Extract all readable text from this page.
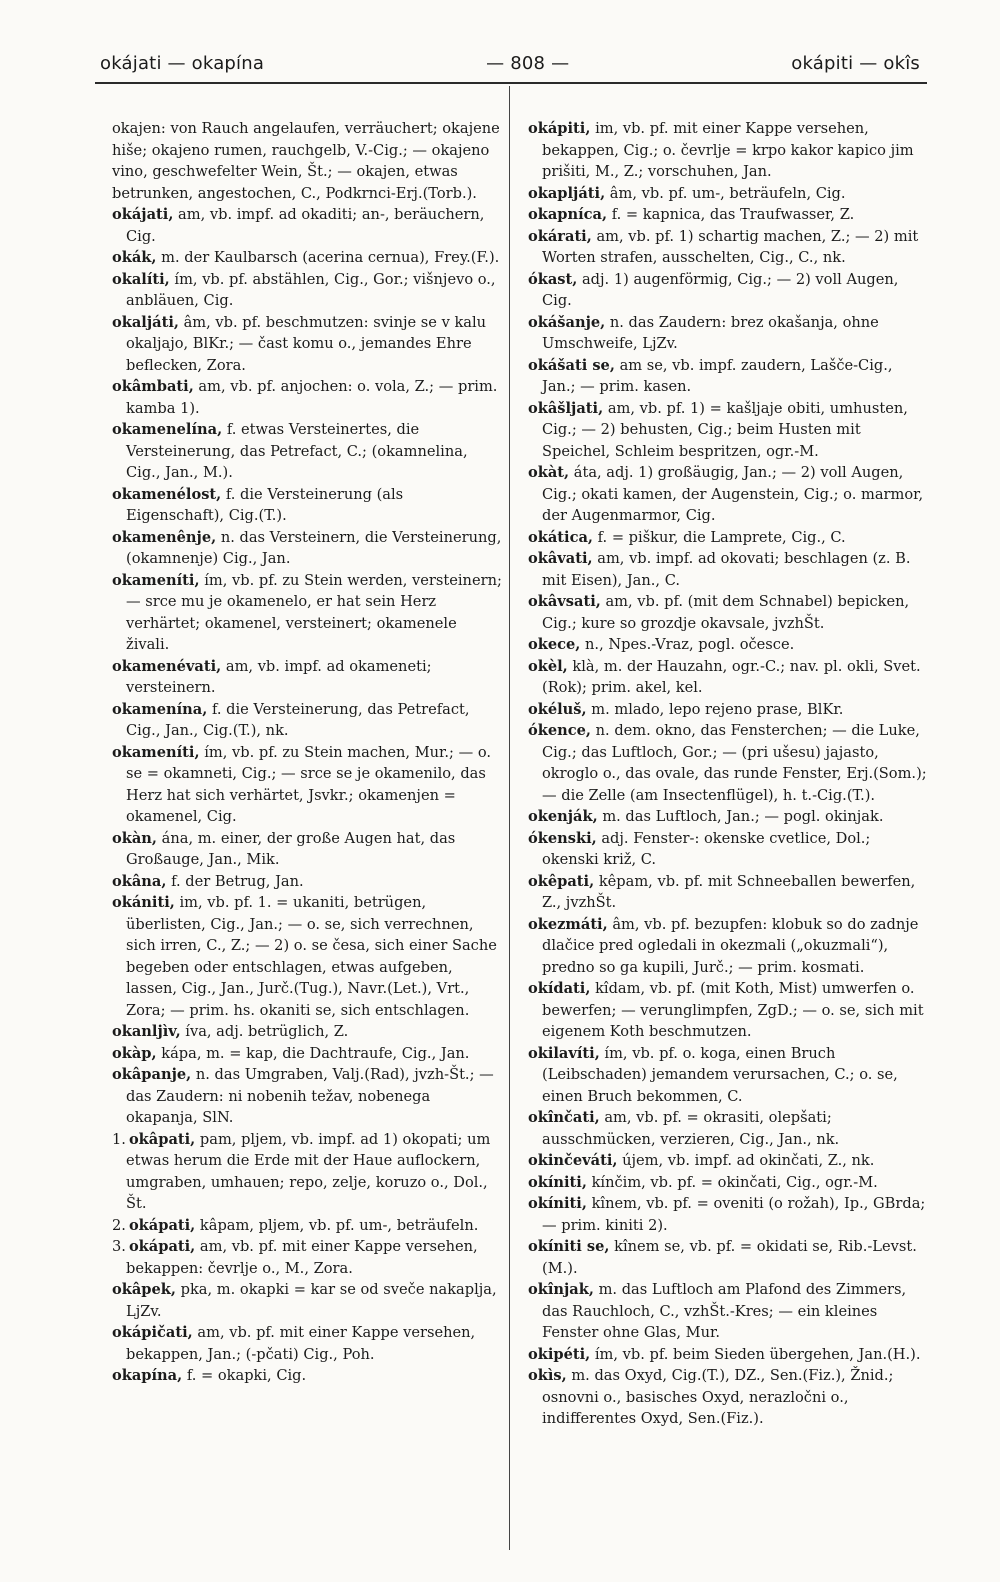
okájati — okapína	— 808 —	okápiti — okîs

okajen: von Rauch angelaufen, verräuchert; okajene hiše; okajeno rumen, rauchgelb, V.-Cig.; — okajeno vino, geschwefelter Wein, Št.; — okajen, etwas betrunken, angestochen, C., Podkrnci-Erj.(Torb.).

okájati, am, vb. impf. ad okaditi; an-, beräuchern, Cig.

okák, m. der Kaulbarsch (acerina cernua), Frey.(F.).

okalíti, ím, vb. pf. abstählen, Cig., Gor.; višnjevo o., anbläuen, Cig.

okaljáti, âm, vb. pf. beschmutzen: svinje se v kalu okaljajo, BlKr.; — čast komu o., jemandes Ehre beflecken, Zora.

okâmbati, am, vb. pf. anjochen: o. vola, Z.; — prim. kamba 1).

okamenelína, f. etwas Versteinertes, die Versteinerung, das Petrefact, C.; (okamnelina, Cig., Jan., M.).

okamenélost, f. die Versteinerung (als Eigenschaft), Cig.(T.).

okamenênje, n. das Versteinern, die Versteinerung, (okamnenje) Cig., Jan.

okameníti, ím, vb. pf. zu Stein werden, versteinern; — srce mu je okamenelo, er hat sein Herz verhärtet; okamenel, versteinert; okamenele živali.

okamenévati, am, vb. impf. ad okameneti; versteinern.

okamenína, f. die Versteinerung, das Petrefact, Cig., Jan., Cig.(T.), nk.

okameníti, ím, vb. pf. zu Stein machen, Mur.; — o. se = okamneti, Cig.; — srce se je okamenilo, das Herz hat sich verhärtet, Jsvkr.; okamenjen = okamenel, Cig.

okàn, ána, m. einer, der große Augen hat, das Großauge, Jan., Mik.

okâna, f. der Betrug, Jan.

okániti, im, vb. pf. 1. = ukaniti, betrügen, überlisten, Cig., Jan.; — o. se, sich verrechnen, sich irren, C., Z.; — 2) o. se česa, sich einer Sache begeben oder entschlagen, etwas aufgeben, lassen, Cig., Jan., Jurč.(Tug.), Navr.(Let.), Vrt., Zora; — prim. hs. okaniti se, sich entschlagen.

okanljìv, íva, adj. betrüglich, Z.

okàp, kápa, m. = kap, die Dachtraufe, Cig., Jan.

okâpanje, n. das Umgraben, Valj.(Rad), jvzh-Št.; — das Zaudern: ni nobenih težav, nobenega okapanja, SlN.

1. okâpati, pam, pljem, vb. impf. ad 1) okopati; um etwas herum die Erde mit der Haue auflockern, umgraben, umhauen; repo, zelje, koruzo o., Dol., Št.

2. okápati, kâpam, pljem, vb. pf. um-, beträufeln.

3. okápati, am, vb. pf. mit einer Kappe versehen, bekappen: čevrlje o., M., Zora.

okâpek, pka, m. okapki = kar se od sveče nakaplja, LjZv.

okápičati, am, vb. pf. mit einer Kappe versehen, bekappen, Jan.; (-pčati) Cig., Poh.

okapína, f. = okapki, Cig.

okápiti, im, vb. pf. mit einer Kappe versehen, bekappen, Cig.; o. čevrlje = krpo kakor kapico jim prišiti, M., Z.; vorschuhen, Jan.

okapljáti, âm, vb. pf. um-, beträufeln, Cig.

okapníca, f. = kapnica, das Traufwasser, Z.

okárati, am, vb. pf. 1) schartig machen, Z.; — 2) mit Worten strafen, ausschelten, Cig., C., nk.

ókast, adj. 1) augenförmig, Cig.; — 2) voll Augen, Cig.

okášanje, n. das Zaudern: brez okašanja, ohne Umschweife, LjZv.

okášati se, am se, vb. impf. zaudern, Lašče-Cig., Jan.; — prim. kasen.

okâšljati, am, vb. pf. 1) = kašljaje obiti, umhusten, Cig.; — 2) behusten, Cig.; beim Husten mit Speichel, Schleim bespritzen, ogr.-M.

okàt, áta, adj. 1) großäugig, Jan.; — 2) voll Augen, Cig.; okati kamen, der Augenstein, Cig.; o. marmor, der Augenmarmor, Cig.

okática, f. = piškur, die Lamprete, Cig., C.

okâvati, am, vb. impf. ad okovati; beschlagen (z. B. mit Eisen), Jan., C.

okâvsati, am, vb. pf. (mit dem Schnabel) bepicken, Cig.; kure so grozdje okavsale, jvzhŠt.

okece, n., Npes.-Vraz, pogl. očesce.

okèl, klà, m. der Hauzahn, ogr.-C.; nav. pl. okli, Svet.(Rok); prim. akel, kel.

okéluš, m. mlado, lepo rejeno prase, BlKr.

ókence, n. dem. okno, das Fensterchen; — die Luke, Cig.; das Luftloch, Gor.; — (pri ušesu) jajasto, okroglo o., das ovale, das runde Fenster, Erj.(Som.); — die Zelle (am Insectenflügel), h. t.-Cig.(T.).

okenják, m. das Luftloch, Jan.; — pogl. okinjak.

ókenski, adj. Fenster-: okenske cvetlice, Dol.; okenski križ, C.

okêpati, kêpam, vb. pf. mit Schneeballen bewerfen, Z., jvzhŠt.

okezmáti, âm, vb. pf. bezupfen: klobuk so do zadnje dlačice pred ogledali in okezmali („okuzmali“), predno so ga kupili, Jurč.; — prim. kosmati.

okídati, kîdam, vb. pf. (mit Koth, Mist) umwerfen o. bewerfen; — verunglimpfen, ZgD.; — o. se, sich mit eigenem Koth beschmutzen.

okilavíti, ím, vb. pf. o. koga, einen Bruch (Leibschaden) jemandem verursachen, C.; o. se, einen Bruch bekommen, C.

okînčati, am, vb. pf. = okrasiti, olepšati; ausschmücken, verzieren, Cig., Jan., nk.

okinčeváti, újem, vb. impf. ad okinčati, Z., nk.

okíniti, kínčim, vb. pf. = okinčati, Cig., ogr.-M.

okíniti, kînem, vb. pf. = oveniti (o rožah), Ip., GBrda; — prim. kiniti 2).

okíniti se, kînem se, vb. pf. = okidati se, Rib.-Levst.(M.).

okînjak, m. das Luftloch am Plafond des Zimmers, das Rauchloch, C., vzhŠt.-Kres; — ein kleines Fenster ohne Glas, Mur.

okipéti, ím, vb. pf. beim Sieden übergehen, Jan.(H.).

okìs, m. das Oxyd, Cig.(T.), DZ., Sen.(Fiz.), Žnid.; osnovni o., basisches Oxyd, nerazločni o., indifferentes Oxyd, Sen.(Fiz.).
